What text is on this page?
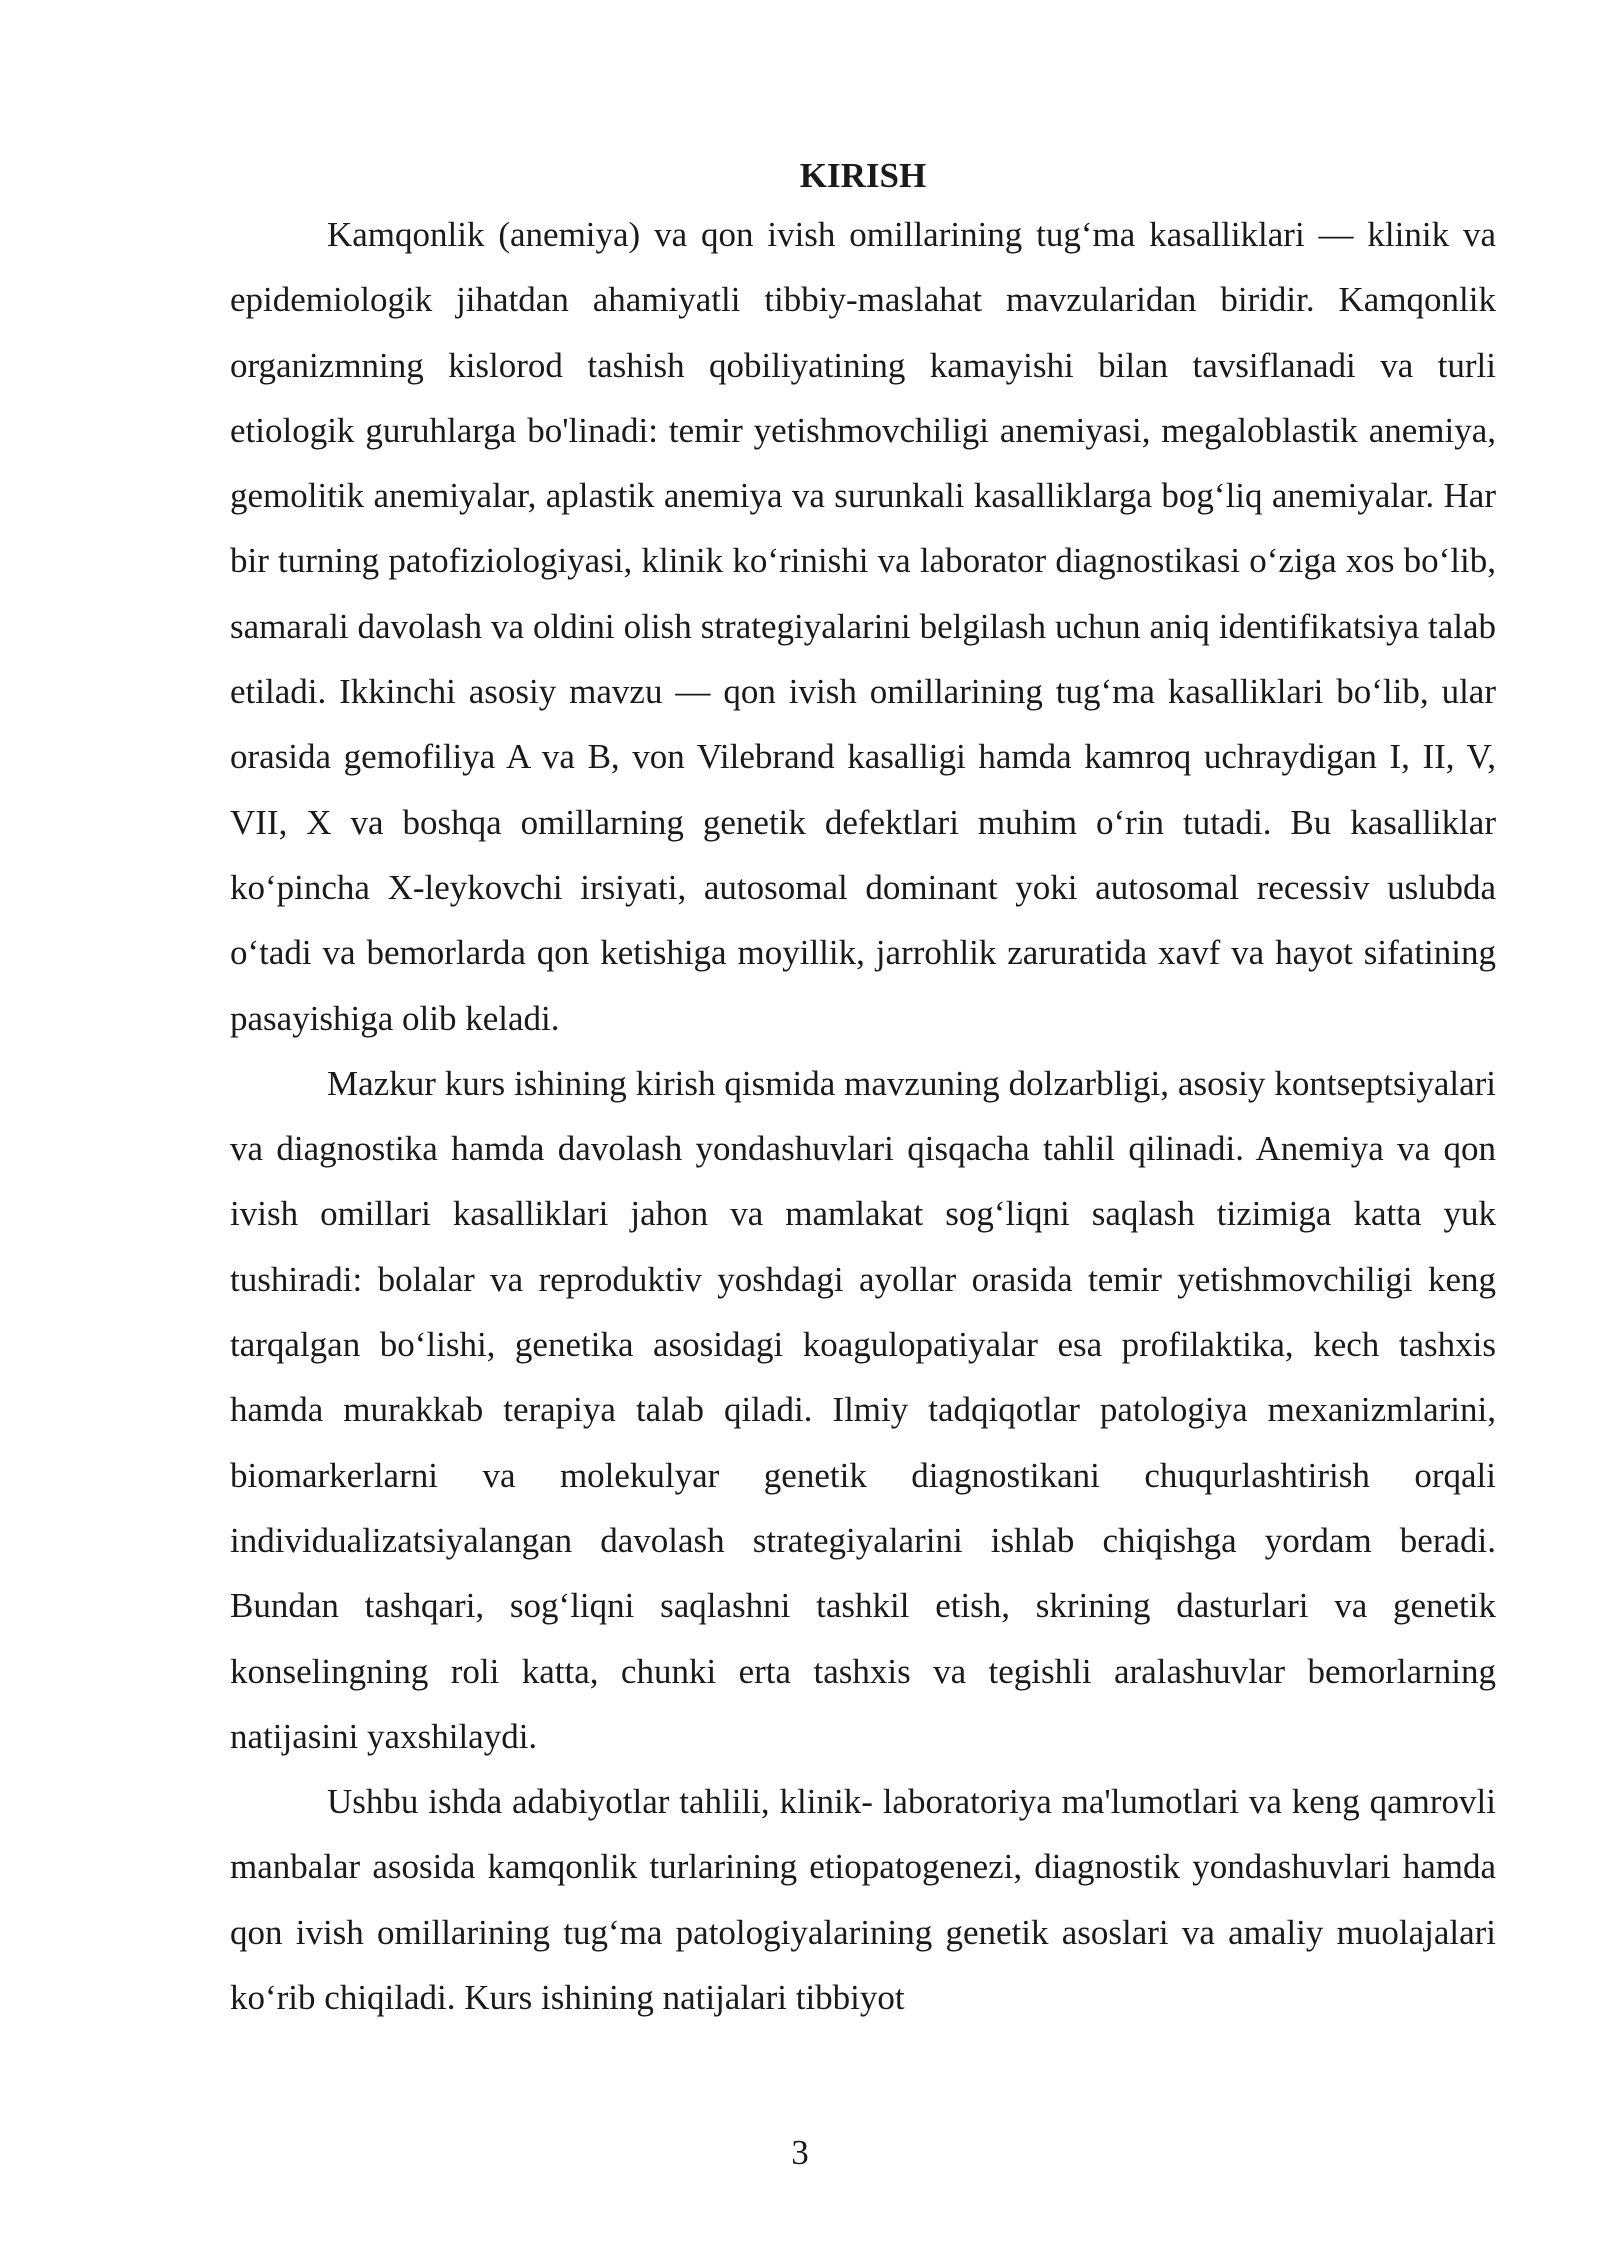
KIRISH

Kamqonlik (anemiya) va qon ivish omillarining tug‘ma kasalliklari — klinik va epidemiologik jihatdan ahamiyatli tibbiy-maslahat mavzularidan biridir. Kamqonlik organizmning kislorod tashish qobiliyatining kamayishi bilan tavsiflanadi va turli etiologik guruhlarga bo'linadi: temir yetishmovchiligi anemiyasi, megaloblastik anemiya, gemolitik anemiyalar, aplastik anemiya va surunkali kasalliklarga bog‘liq anemiyalar. Har bir turning patofiziologiyasi, klinik ko‘rinishi va laborator diagnostikasi o‘ziga xos bo‘lib, samarali davolash va oldini olish strategiyalarini belgilash uchun aniq identifikatsiya talab etiladi. Ikkinchi asosiy mavzu — qon ivish omillarining tug‘ma kasalliklari bo‘lib, ular orasida gemofiliya A va B, von Vilebrand kasalligi hamda kamroq uchraydigan I, II, V, VII, X va boshqa omillarning genetik defektlari muhim o‘rin tutadi. Bu kasalliklar ko‘pincha X-leykovchi irsiyati, autosomal dominant yoki autosomal recessiv uslubda o‘tadi va bemorlarda qon ketishiga moyillik, jarrohlik zaruratida xavf va hayot sifatining pasayishiga olib keladi.

Mazkur kurs ishining kirish qismida mavzuning dolzarbligi, asosiy kontseptsiyalari va diagnostika hamda davolash yondashuvlari qisqacha tahlil qilinadi. Anemiya va qon ivish omillari kasalliklari jahon va mamlakat sog‘liqni saqlash tizimiga katta yuk tushiradi: bolalar va reproduktiv yoshdagi ayollar orasida temir yetishmovchiligi keng tarqalgan bo‘lishi, genetika asosidagi koagulopatiyalar esa profilaktika, kech tashxis hamda murakkab terapiya talab qiladi. Ilmiy tadqiqotlar patologiya mexanizmlarini, biomarkerlarni va molekulyar genetik diagnostikani chuqurlashtirish orqali individualizatsiyalangan davolash strategiyalarini ishlab chiqishga yordam beradi. Bundan tashqari, sog‘liqni saqlashni tashkil etish, skrining dasturlari va genetik konselingning roli katta, chunki erta tashxis va tegishli aralashuvlar bemorlarning natijasini yaxshilaydi.

Ushbu ishda adabiyotlar tahlili, klinik- laboratoriya ma'lumotlari va keng qamrovli manbalar asosida kamqonlik turlarining etiopatogenezi, diagnostik yondashuvlari hamda qon ivish omillarining tug‘ma patologiyalarining genetik asoslari va amaliy muolajalari ko‘rib chiqiladi. Kurs ishining natijalari tibbiyot

3
